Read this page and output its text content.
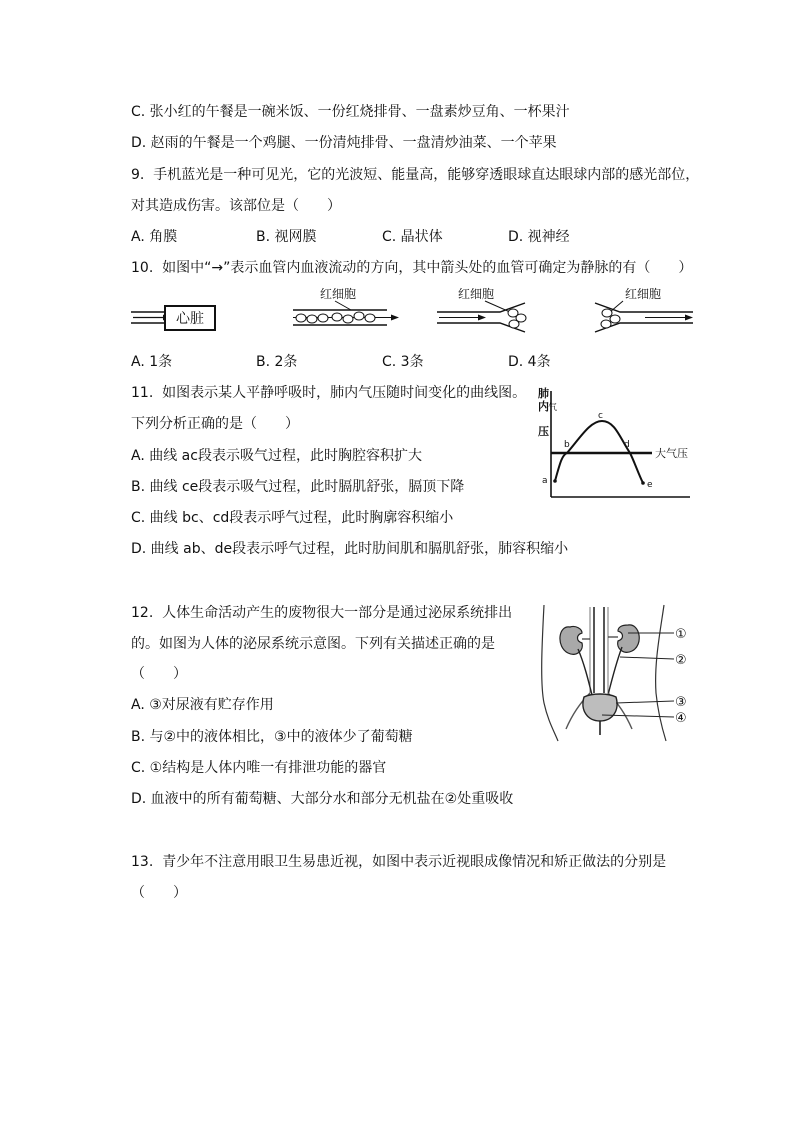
C. 张小红的午餐是一碗米饭、一份红烧排骨、一盘素炒豆角、一杯果汁
D. 赵雨的午餐是一个鸡腿、一份清炖排骨、一盘清炒油菜、一个苹果
9.  手机蓝光是一种可见光，它的光波短、能量高，能够穿透眼球直达眼球内部的感光部位，
对其造成伤害。该部位是（　　）
A. 角膜	B. 视网膜	C. 晶状体	D. 视神经
10.  如图中“→”表示血管内血液流动的方向，其中箭头处的血管可确定为静脉的有（　　）
心脏
红细胞	红细胞	红细胞
A. 1条	B. 2条	C. 3条	D. 4条
11.  如图表示某人平静呼吸时，肺内气压随时间变化的曲线图。
下列分析正确的是（　　）
A. 曲线 ac段表示吸气过程，此时胸腔容积扩大
B. 曲线 ce段表示吸气过程，此时膈肌舒张，膈顶下降
C. 曲线 bc、cd段表示呼气过程，此时胸廓容积缩小
D. 曲线 ab、de段表示呼气过程，此时肋间肌和膈肌舒张，肺容积缩小
肺
内 气
压
大气压
a
b
c
d
e
12.  人体生命活动产生的废物很大一部分是通过泌尿系统排出
的。如图为人体的泌尿系统示意图。下列有关描述正确的是
（　　）
A. ③对尿液有贮存作用
B. 与②中的液体相比，③中的液体少了葡萄糖
C. ①结构是人体内唯一有排泄功能的器官
D. 血液中的所有葡萄糖、大部分水和部分无机盐在②处重吸收
①
②
③
④
13.  青少年不注意用眼卫生易患近视，如图中表示近视眼成像情况和矫正做法的分别是
（　　）
